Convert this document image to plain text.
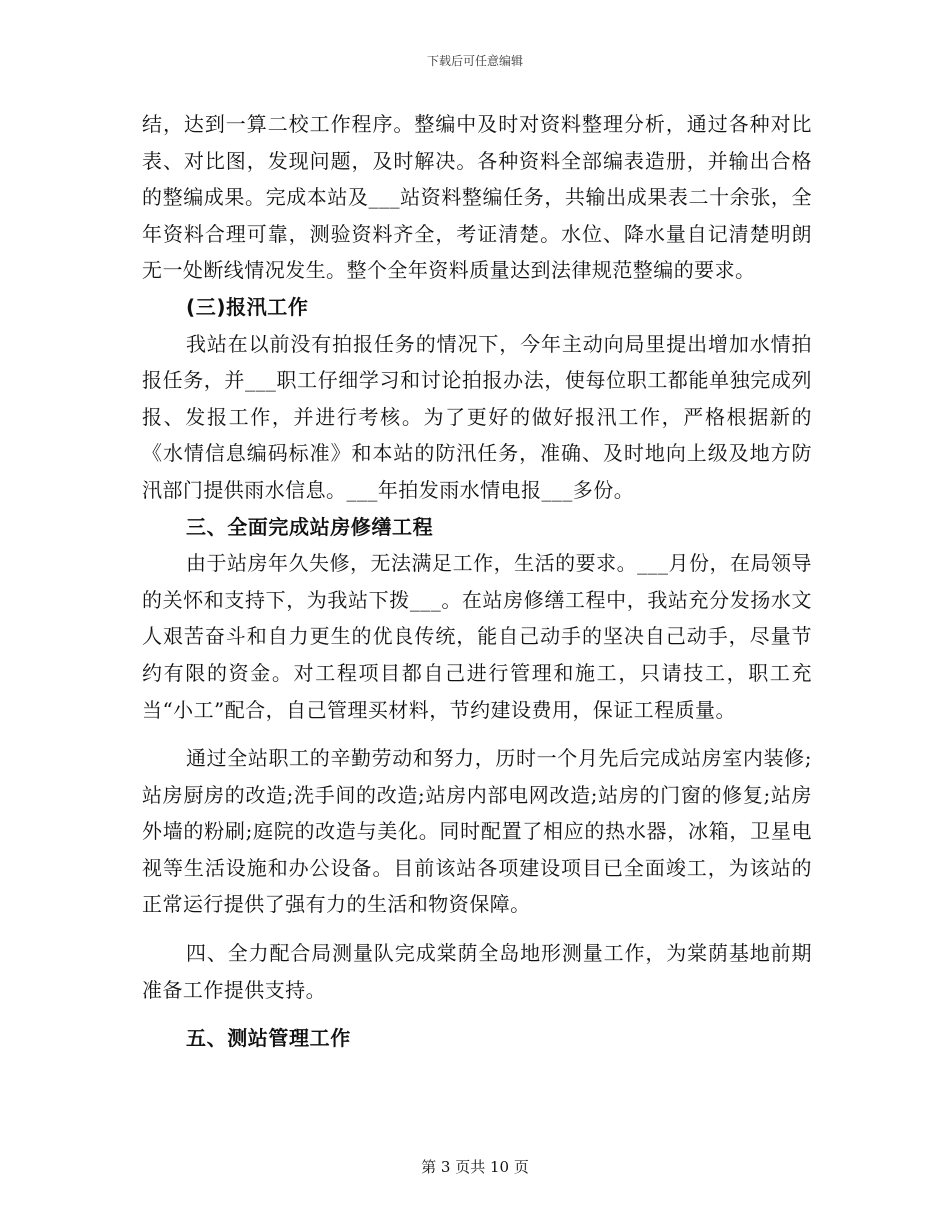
下载后可任意编辑

结，达到一算二校工作程序。整编中及时对资料整理分析，通过各种对比表、对比图，发现问题，及时解决。各种资料全部编表造册，并输出合格的整编成果。完成本站及___站资料整编任务，共输出成果表二十余张，全年资料合理可靠，测验资料齐全，考证清楚。水位、降水量自记清楚明朗无一处断线情况发生。整个全年资料质量达到法律规范整编的要求。

(三)报汛工作

我站在以前没有拍报任务的情况下，今年主动向局里提出增加水情拍报任务，并___职工仔细学习和讨论拍报办法，使每位职工都能单独完成列报、发报工作，并进行考核。为了更好的做好报汛工作，严格根据新的《水情信息编码标准》和本站的防汛任务，准确、及时地向上级及地方防汛部门提供雨水信息。___年拍发雨水情电报___多份。

三、全面完成站房修缮工程

由于站房年久失修，无法满足工作，生活的要求。___月份，在局领导的关怀和支持下，为我站下拨___。在站房修缮工程中，我站充分发扬水文人艰苦奋斗和自力更生的优良传统，能自己动手的坚决自己动手，尽量节约有限的资金。对工程项目都自己进行管理和施工，只请技工，职工充当“小工”配合，自己管理买材料，节约建设费用，保证工程质量。

通过全站职工的辛勤劳动和努力，历时一个月先后完成站房室内装修;站房厨房的改造;洗手间的改造;站房内部电网改造;站房的门窗的修复;站房外墙的粉刷;庭院的改造与美化。同时配置了相应的热水器，冰箱，卫星电视等生活设施和办公设备。目前该站各项建设项目已全面竣工，为该站的正常运行提供了强有力的生活和物资保障。

四、全力配合局测量队完成棠荫全岛地形测量工作，为棠荫基地前期准备工作提供支持。

五、测站管理工作

第 3 页共 10 页
